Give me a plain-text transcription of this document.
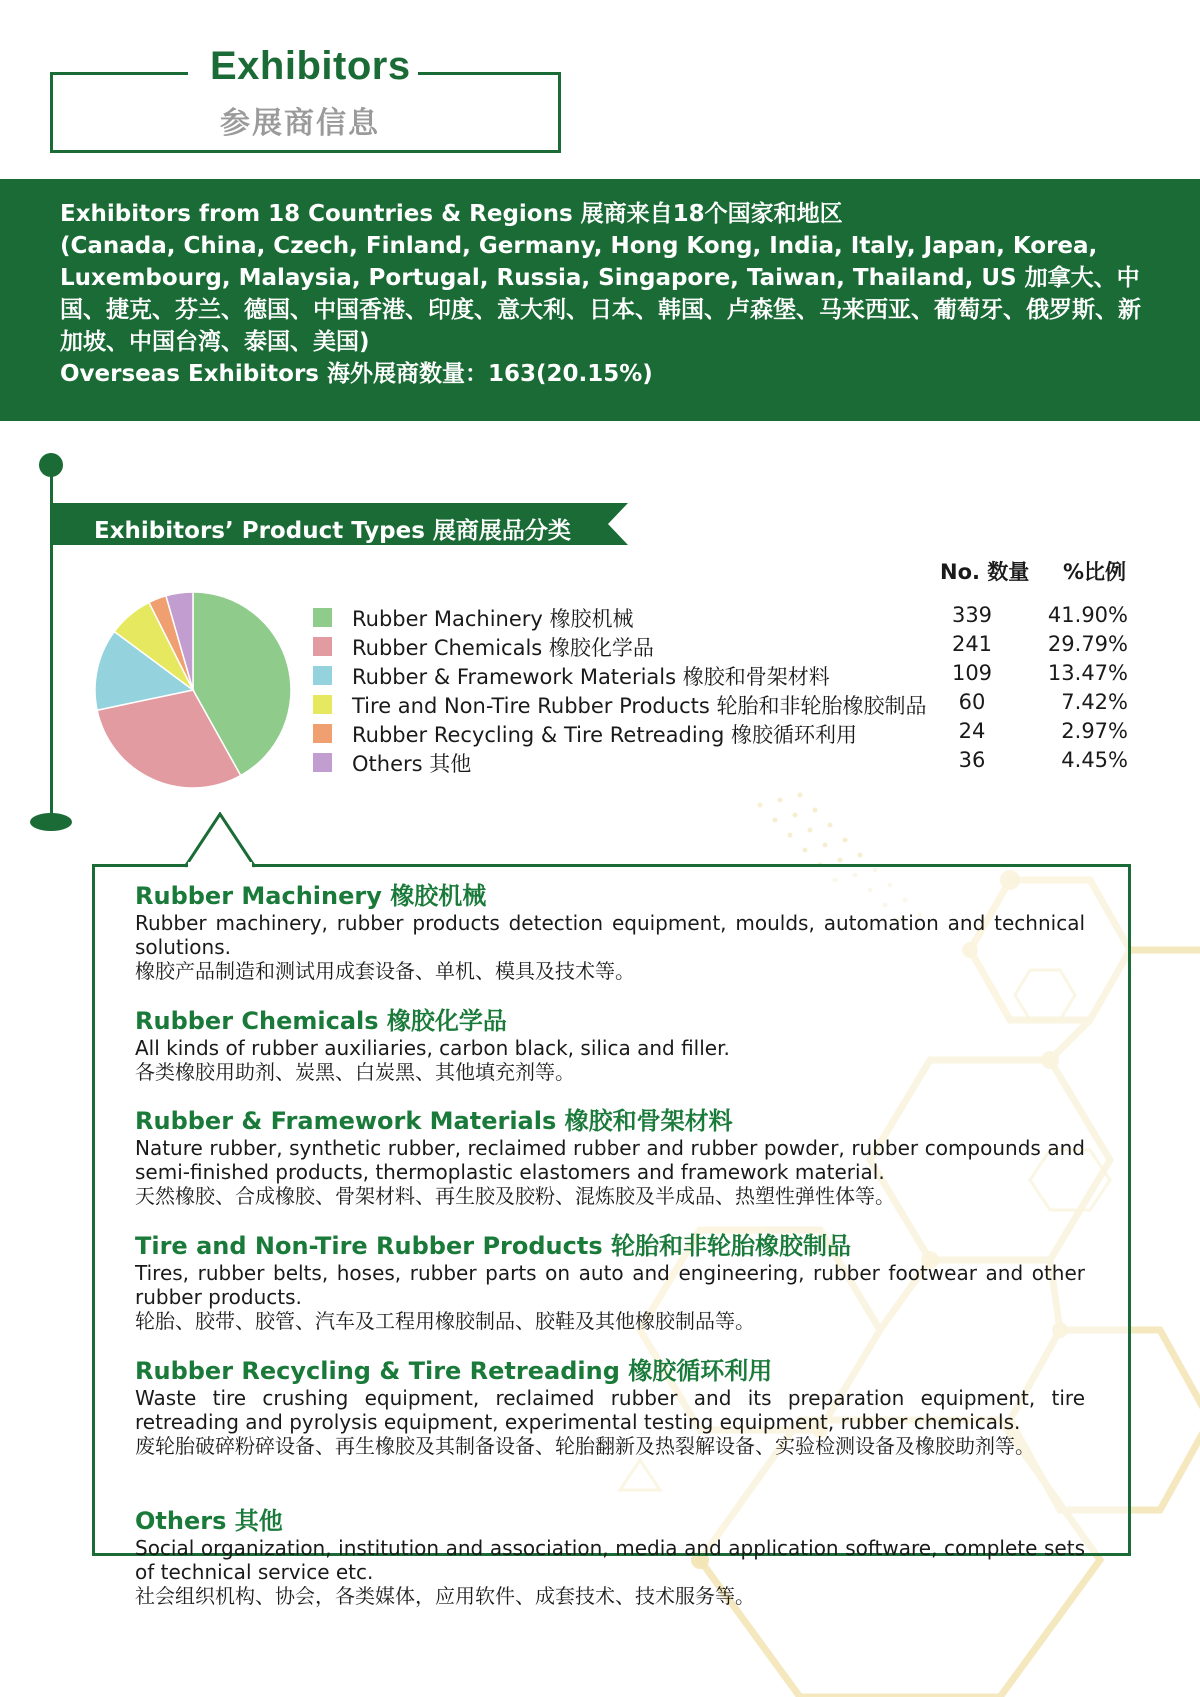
Exhibitors
参展商信息
Exhibitors from 18 Countries & Regions 展商来自18个国家和地区
(Canada, China, Czech, Finland, Germany, Hong Kong, India, Italy, Japan, Korea, Luxembourg, Malaysia, Portugal, Russia, Singapore, Taiwan, Thailand, US 加拿大、中国、捷克、芬兰、德国、中国香港、印度、意大利、日本、韩国、卢森堡、马来西亚、葡萄牙、俄罗斯、新加坡、中国台湾、泰国、美国)
Overseas Exhibitors 海外展商数量：163(20.15%)
Exhibitors’ Product Types 展商展品分类
No. 数量 %比例
Rubber Machinery 橡胶机械	339	41.90%
Rubber Chemicals 橡胶化学品	241	29.79%
Rubber & Framework Materials 橡胶和骨架材料	109	13.47%
Tire and Non-Tire Rubber Products 轮胎和非轮胎橡胶制品	60	7.42%
Rubber Recycling & Tire Retreading 橡胶循环利用	24	2.97%
Others 其他	36	4.45%
Rubber Machinery 橡胶机械
Rubber machinery, rubber products detection equipment, moulds, automation and technical solutions.
橡胶产品制造和测试用成套设备、单机、模具及技术等。
Rubber Chemicals 橡胶化学品
All kinds of rubber auxiliaries, carbon black, silica and filler.
各类橡胶用助剂、炭黑、白炭黑、其他填充剂等。
Rubber & Framework Materials 橡胶和骨架材料
Nature rubber, synthetic rubber, reclaimed rubber and rubber powder, rubber compounds and semi-finished products, thermoplastic elastomers and framework material.
天然橡胶、合成橡胶、骨架材料、再生胶及胶粉、混炼胶及半成品、热塑性弹性体等。
Tire and Non-Tire Rubber Products 轮胎和非轮胎橡胶制品
Tires, rubber belts, hoses, rubber parts on auto and engineering, rubber footwear and other rubber products.
轮胎、胶带、胶管、汽车及工程用橡胶制品、胶鞋及其他橡胶制品等。
Rubber Recycling & Tire Retreading 橡胶循环利用
Waste tire crushing equipment, reclaimed rubber and its preparation equipment, tire retreading and pyrolysis equipment, experimental testing equipment, rubber chemicals.
废轮胎破碎粉碎设备、再生橡胶及其制备设备、轮胎翻新及热裂解设备、实验检测设备及橡胶助剂等。
Others 其他
Social organization, institution and association, media and application software, complete sets of technical service etc.
社会组织机构、协会，各类媒体，应用软件、成套技术、技术服务等。
